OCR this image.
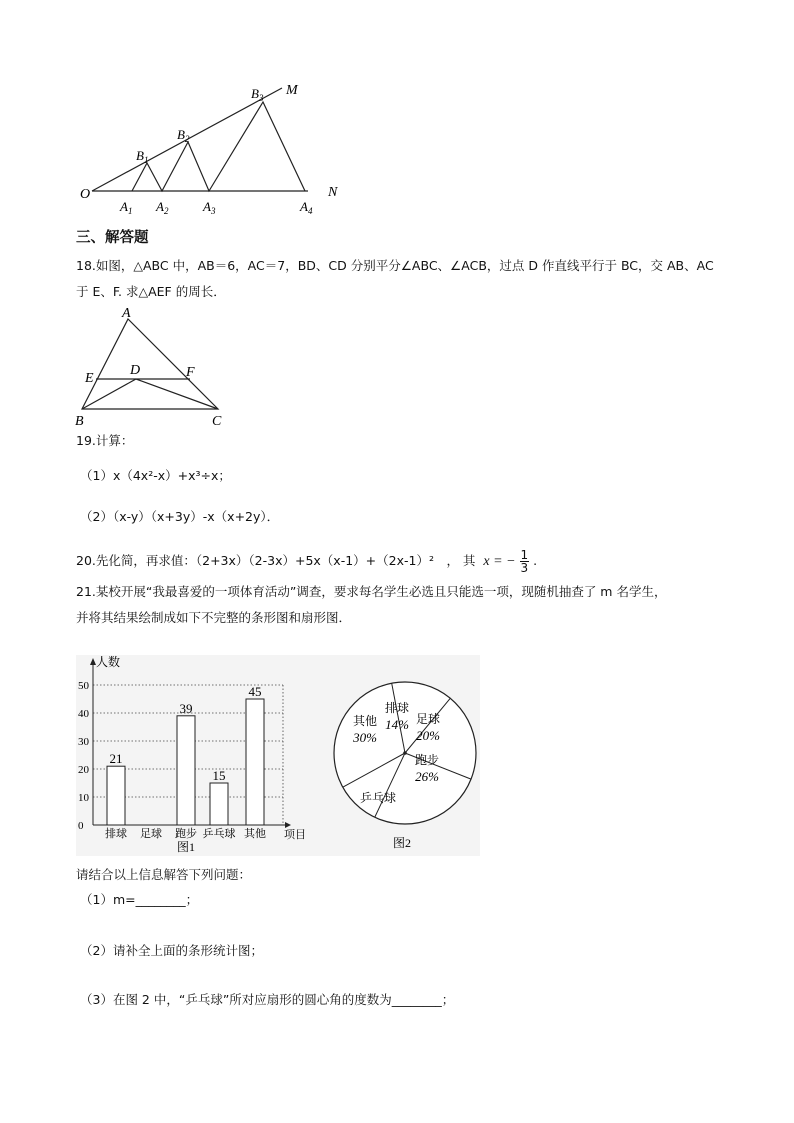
O
M
N
$B_1$
$B_2$
$B_3$
$A_1$ $A_2$	$A_3$	$A_4$
三、解答题
18.如图，△ABC 中，AB＝6，AC＝7，BD、CD 分别平分∠ABC、∠ACB，过点 D 作直线平行于 BC，交 AB、AC
于 E、F. 求△AEF 的周长．
A
E
D	F
B	C
19.计算：
（1）x（4x²-x）+x³÷x；
（2）（x-y）（x+3y）-x（x+2y）．
20.先化简，再求值：（2+3x）（2-3x）+5x（x-1）+（2x-1）²　， 其 x = − $\frac{1}{3}$ .
21.某校开展“我最喜爱的一项体育活动”调查，要求每名学生必选且只能选一项，现随机抽查了 m 名学生，
并将其结果绘制成如下不完整的条形图和扇形图．
0
10
20
30
40
50
人数
项目
21
排球 足球
39
跑步
15
乒乓球
45
其他
图1
排球
14% 足球
20%
跑步
26%
乒乓球
其他
30%
图2
请结合以上信息解答下列问题：
（1）m=________；
（2）请补全上面的条形统计图；
（3）在图 2 中，“乒乓球”所对应扇形的圆心角的度数为________；
